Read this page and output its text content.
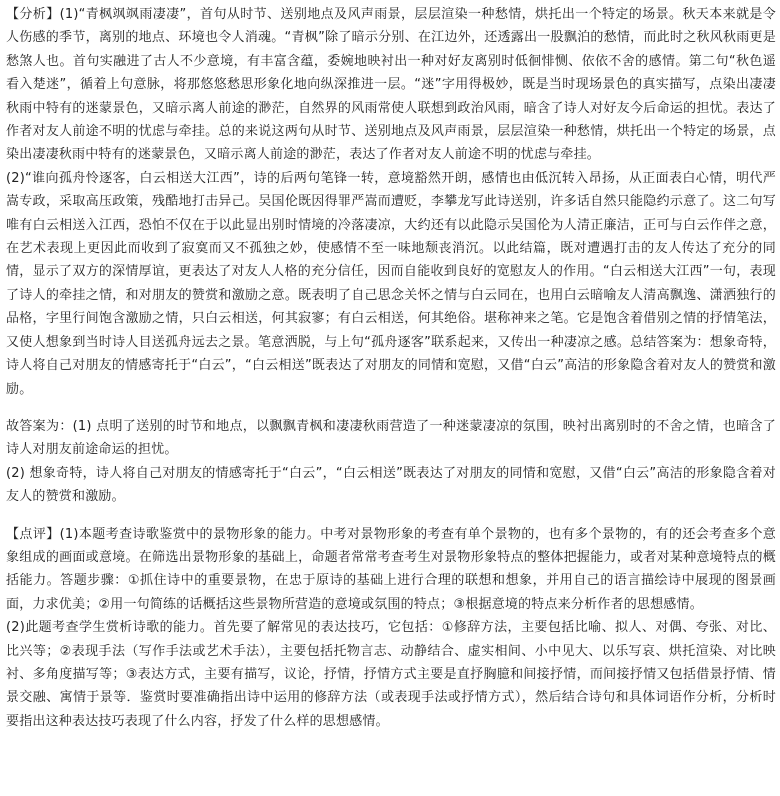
【分析】(1)“青枫飒飒雨凄凄”，首句从时节、送别地点及风声雨景，层层渲染一种愁情，烘托出一个特定的场景。秋天本来就是令人伤感的季节，离别的地点、环境也令人消魂。“青枫”除了暗示分别、在江边外，还透露出一股飘泊的愁情，而此时之秋风秋雨更是愁煞人也。首句实融进了古人不少意境，有丰富含蕴，委婉地映衬出一种对好友离别时低徊悱恻、依依不舍的感情。第二句“秋色遥看入楚迷”，循着上句意脉，将那悠悠愁思形象化地向纵深推进一层。“迷”字用得极妙，既是当时现场景色的真实描写，点染出凄凄秋雨中特有的迷蒙景色，又暗示离人前途的渺茫，自然界的风雨常使人联想到政治风雨，暗含了诗人对好友今后命运的担忧。表达了作者对友人前途不明的忧虑与牵挂。总的来说这两句从时节、送别地点及风声雨景，层层渲染一种愁情，烘托出一个特定的场景，点染出凄凄秋雨中特有的迷蒙景色，又暗示离人前途的渺茫，表达了作者对友人前途不明的忧虑与牵挂。

(2)“谁向孤舟怜逐客，白云相送大江西”，诗的后两句笔锋一转，意境豁然开朗，感情也由低沉转入昂扬，从正面表白心情，明代严嵩专政，采取高压政策，残酷地打击异己。吴国伦既因得罪严嵩而遭贬，李攀龙写此诗送别，许多话自然只能隐约示意了。这二句写唯有白云相送入江西，恐怕不仅在于以此显出别时情境的冷落凄凉，大约还有以此隐示吴国伦为人清正廉洁，正可与白云作伴之意，在艺术表现上更因此而收到了寂寞而又不孤独之妙，使感情不至一味地颓丧消沉。以此结篇，既对遭遇打击的友人传达了充分的同情，显示了双方的深情厚谊，更表达了对友人人格的充分信任，因而自能收到良好的宽慰友人的作用。“白云相送大江西”一句，表现了诗人的牵挂之情，和对朋友的赞赏和激励之意。既表明了自己思念关怀之情与白云同在，也用白云暗喻友人清高飘逸、潇洒独行的品格，字里行间饱含激励之情，只白云相送，何其寂寥；有白云相送，何其绝俗。堪称神来之笔。它是饱含着借别之情的抒情笔法，又使人想象到当时诗人目送孤舟远去之景。笔意洒脱，与上句“孤舟逐客”联系起来，又传出一种凄凉之感。总结答案为：想象奇特，诗人将自己对朋友的情感寄托于“白云”，“白云相送”既表达了对朋友的同情和宽慰，又借“白云”高洁的形象隐含着对友人的赞赏和激励。

故答案为：(1) 点明了送别的时节和地点，以飘飘青枫和凄凄秋雨营造了一种迷蒙凄凉的氛围，映衬出离别时的不舍之情，也暗含了诗人对朋友前途命运的担忧。

(2) 想象奇特，诗人将自己对朋友的情感寄托于“白云”，“白云相送”既表达了对朋友的同情和宽慰，又借“白云”高洁的形象隐含着对友人的赞赏和激励。

【点评】(1)本题考查诗歌鉴赏中的景物形象的能力。中考对景物形象的考查有单个景物的，也有多个景物的，有的还会考查多个意象组成的画面或意境。在筛选出景物形象的基础上，命题者常常考查考生对景物形象特点的整体把握能力，或者对某种意境特点的概括能力。答题步骤：①抓住诗中的重要景物，在忠于原诗的基础上进行合理的联想和想象，并用自己的语言描绘诗中展现的图景画面，力求优美；②用一句简练的话概括这些景物所营造的意境或氛围的特点；③根据意境的特点来分析作者的思想感情。

(2)此题考查学生赏析诗歌的能力。首先要了解常见的表达技巧，它包括：①修辞方法，主要包括比喻、拟人、对偶、夸张、对比、比兴等；②表现手法（写作手法或艺术手法），主要包括托物言志、动静结合、虚实相间、小中见大、以乐写哀、烘托渲染、对比映衬、多角度描写等；③表达方式，主要有描写，议论，抒情，抒情方式主要是直抒胸臆和间接抒情，而间接抒情又包括借景抒情、情景交融、寓情于景等．鉴赏时要准确指出诗中运用的修辞方法（或表现手法或抒情方式），然后结合诗句和具体词语作分析，分析时要指出这种表达技巧表现了什么内容，抒发了什么样的思想感情。
